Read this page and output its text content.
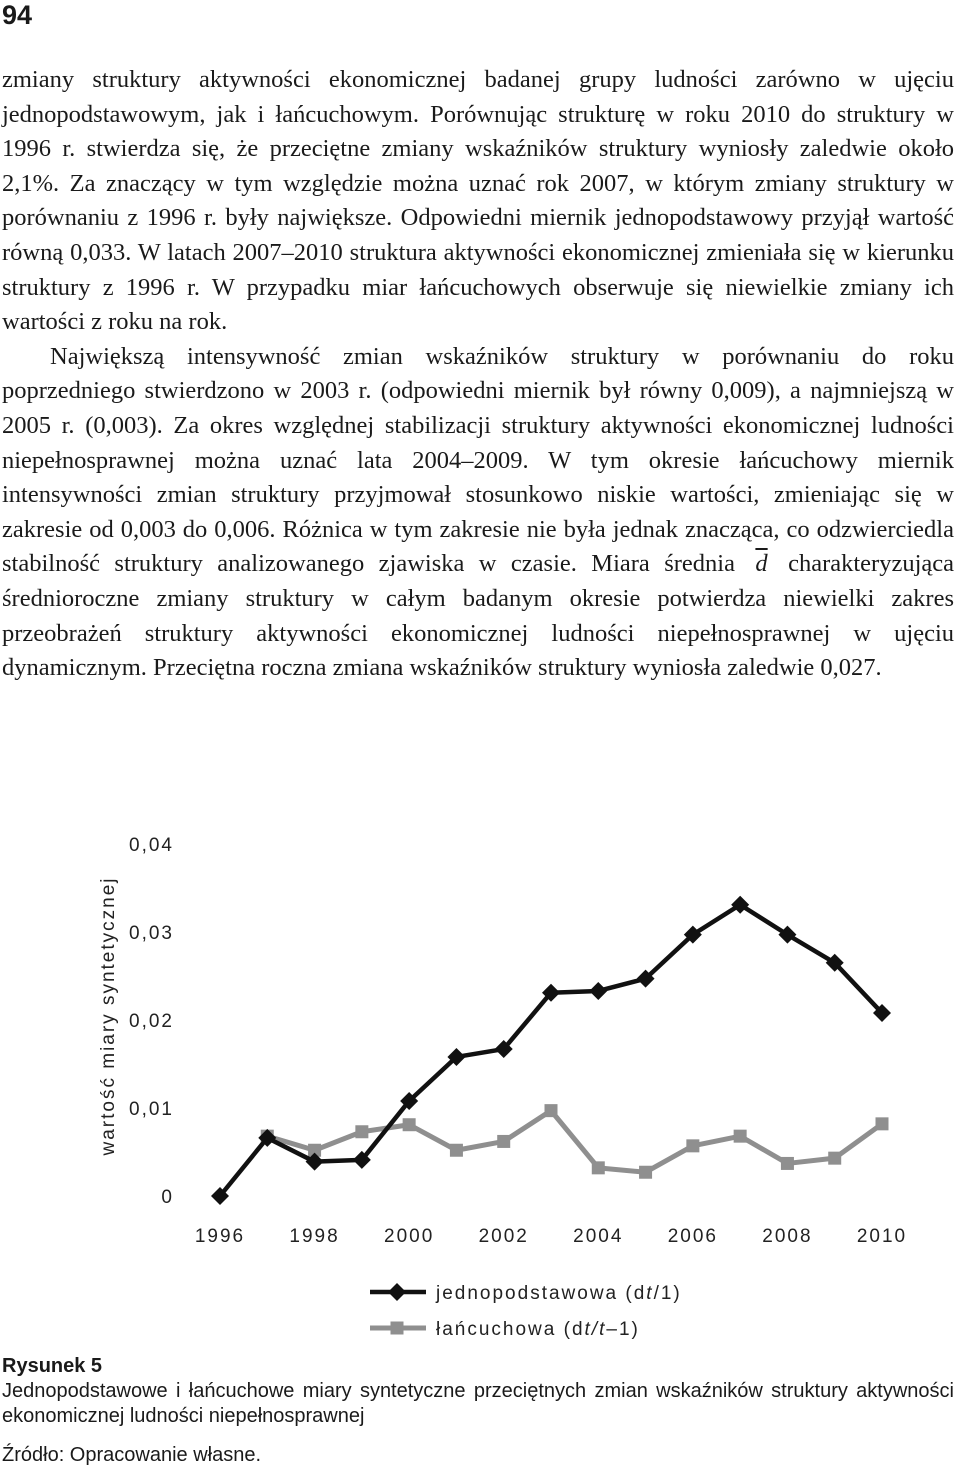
94

zmiany struktury aktywności ekonomicznej badanej grupy ludności zarówno w ujęciu jednopodstawowym, jak i łańcuchowym. Porównując strukturę w roku 2010 do struktury w 1996 r. stwierdza się, że przeciętne zmiany wskaźników struktury wyniosły zaledwie około 2,1%. Za znaczący w tym względzie można uznać rok 2007, w którym zmiany struktury w porównaniu z 1996 r. były największe. Odpowiedni miernik jednopodstawowy przyjął wartość równą 0,033. W latach 2007–2010 struktura aktywności ekonomicznej zmieniała się w kierunku struktury z 1996 r. W przypadku miar łańcuchowych obserwuje się niewielkie zmiany ich wartości z roku na rok.

Największą intensywność zmian wskaźników struktury w porównaniu do roku poprzedniego stwierdzono w 2003 r. (odpowiedni miernik był równy 0,009), a najmniejszą w 2005 r. (0,003). Za okres względnej stabilizacji struktury aktywności ekonomicznej ludności niepełnosprawnej można uznać lata 2004–2009. W tym okresie łańcuchowy miernik intensywności zmian struktury przyjmował stosunkowo niskie wartości, zmieniając się w zakresie od 0,003 do 0,006. Różnica w tym zakresie nie była jednak znacząca, co odzwierciedla stabilność struktury analizowanego zjawiska w czasie. Miara średnia $\overline{d}$ charakteryzująca średnioroczne zmiany struktury w całym badanym okresie potwierdza niewielki zakres przeobrażeń struktury aktywności ekonomicznej ludności niepełnosprawnej w ujęciu dynamicznym. Przeciętna roczna zmiana wskaźników struktury wyniosła zaledwie 0,027.

0
0,01
0,02
0,03
0,04
wartość miary syntetycznej
1996 1998 2000 2002 2004 2006 2008 2010
jednopodstawowa (dt/1)
łańcuchowa (dt/t–1)
Rysunek 5
Jednopodstawowe i łańcuchowe miary syntetyczne przeciętnych zmian wskaźników struktury aktywności ekonomicznej ludności niepełnosprawnej
Źródło: Opracowanie własne.
